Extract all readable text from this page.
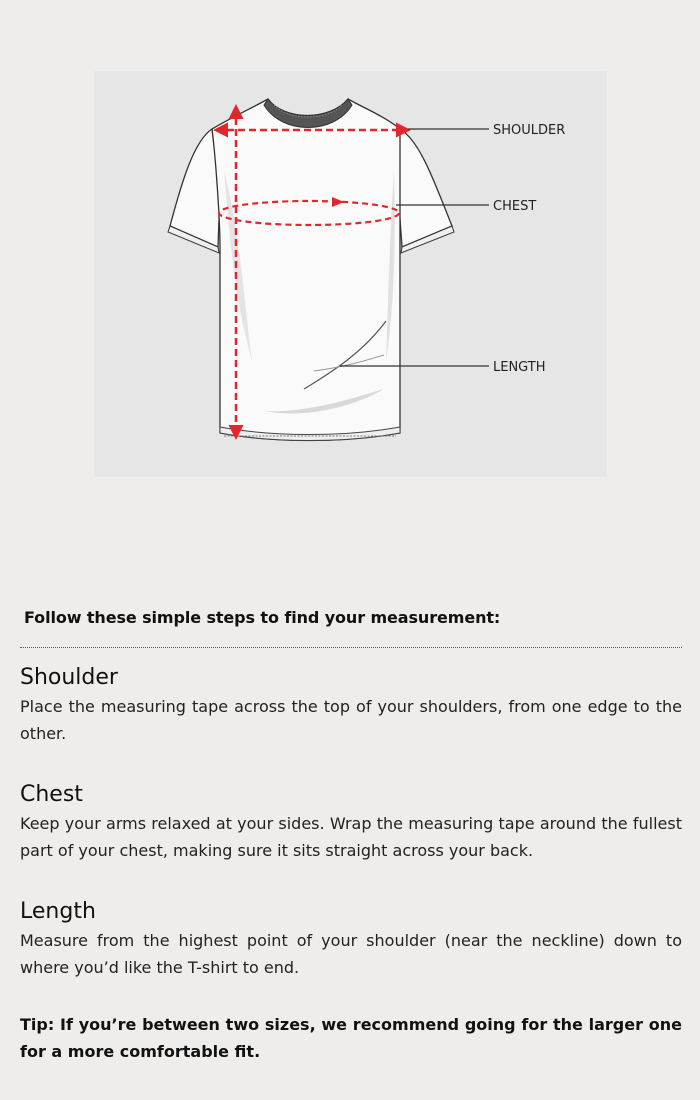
SHOULDER
CHEST
LENGTH
Follow these simple steps to find your measurement:
Shoulder

Place the measuring tape across the top of your shoulders, from one edge to the other.

Chest

Keep your arms relaxed at your sides. Wrap the measuring tape around the fullest part of your chest, making sure it sits straight across your back.

Length

Measure from the highest point of your shoulder (near the neckline) down to where you’d like the T-shirt to end.

Tip: If you’re between two sizes, we recommend going for the larger one for a more comfortable fit.
